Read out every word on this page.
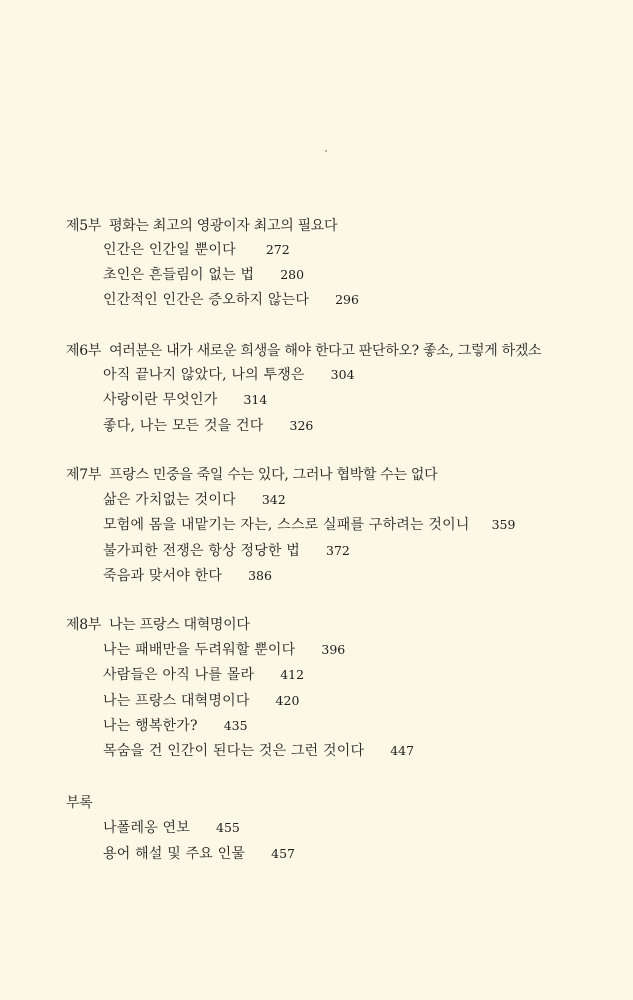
제5부 평화는 최고의 영광이자 최고의 필요다
인간은 인간일 뿐이다 272
초인은 흔들림이 없는 법 280
인간적인 인간은 증오하지 않는다 296
제6부 여러분은 내가 새로운 희생을 해야 한다고 판단하오? 좋소, 그렇게 하겠소
아직 끝나지 않았다, 나의 투쟁은 304
사랑이란 무엇인가 314
좋다, 나는 모든 것을 건다 326
제7부 프랑스 민중을 죽일 수는 있다, 그러나 협박할 수는 없다
삶은 가치없는 것이다 342
모험에 몸을 내맡기는 자는, 스스로 실패를 구하려는 것이니 359
불가피한 전쟁은 항상 정당한 법 372
죽음과 맞서야 한다 386
제8부 나는 프랑스 대혁명이다
나는 패배만을 두려워할 뿐이다 396
사람들은 아직 나를 몰라 412
나는 프랑스 대혁명이다 420
나는 행복한가? 435
목숨을 건 인간이 된다는 것은 그런 것이다 447
부록
나폴레옹 연보 455
용어 해설 및 주요 인물 457
